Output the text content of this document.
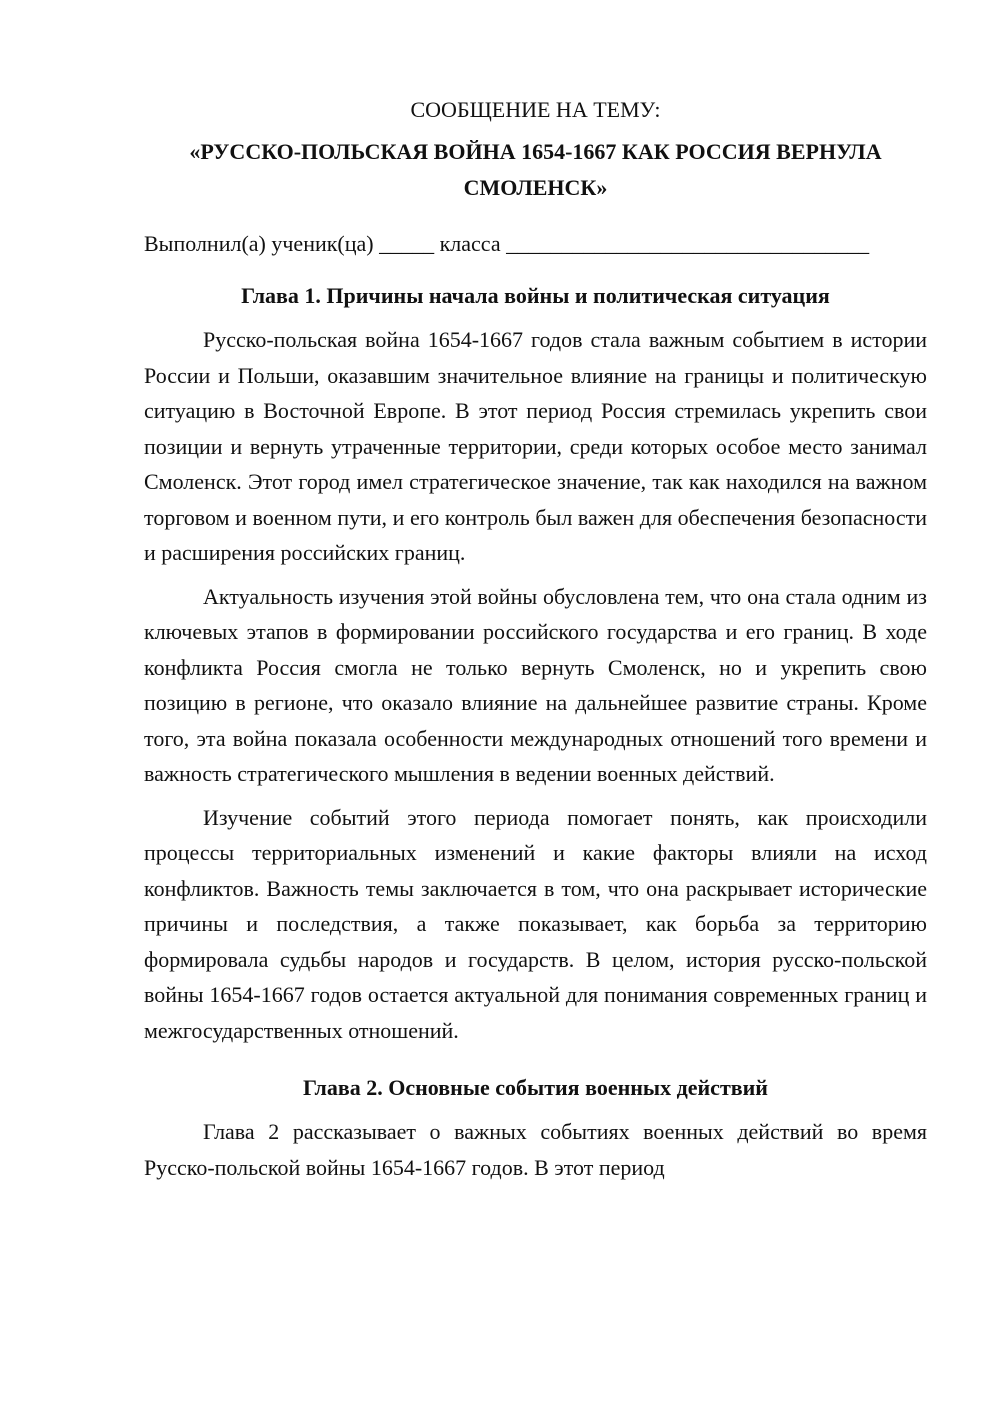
СООБЩЕНИЕ НА ТЕМУ:

«РУССКО-ПОЛЬСКАЯ ВОЙНА 1654-1667 КАК РОССИЯ ВЕРНУЛА СМОЛЕНСК»

Выполнил(а) ученик(ца) _____ класса _________________________________

Глава 1. Причины начала войны и политическая ситуация

Русско-польская война 1654-1667 годов стала важным событием в истории России и Польши, оказавшим значительное влияние на границы и политическую ситуацию в Восточной Европе. В этот период Россия стремилась укрепить свои позиции и вернуть утраченные территории, среди которых особое место занимал Смоленск. Этот город имел стратегическое значение, так как находился на важном торговом и военном пути, и его контроль был важен для обеспечения безопасности и расширения российских границ.

Актуальность изучения этой войны обусловлена тем, что она стала одним из ключевых этапов в формировании российского государства и его границ. В ходе конфликта Россия смогла не только вернуть Смоленск, но и укрепить свою позицию в регионе, что оказало влияние на дальнейшее развитие страны. Кроме того, эта война показала особенности международных отношений того времени и важность стратегического мышления в ведении военных действий.

Изучение событий этого периода помогает понять, как происходили процессы территориальных изменений и какие факторы влияли на исход конфликтов. Важность темы заключается в том, что она раскрывает исторические причины и последствия, а также показывает, как борьба за территорию формировала судьбы народов и государств. В целом, история русско-польской войны 1654-1667 годов остается актуальной для понимания современных границ и межгосударственных отношений.

Глава 2. Основные события военных действий

Глава 2 рассказывает о важных событиях военных действий во время Русско-польской войны 1654-1667 годов. В этот период
